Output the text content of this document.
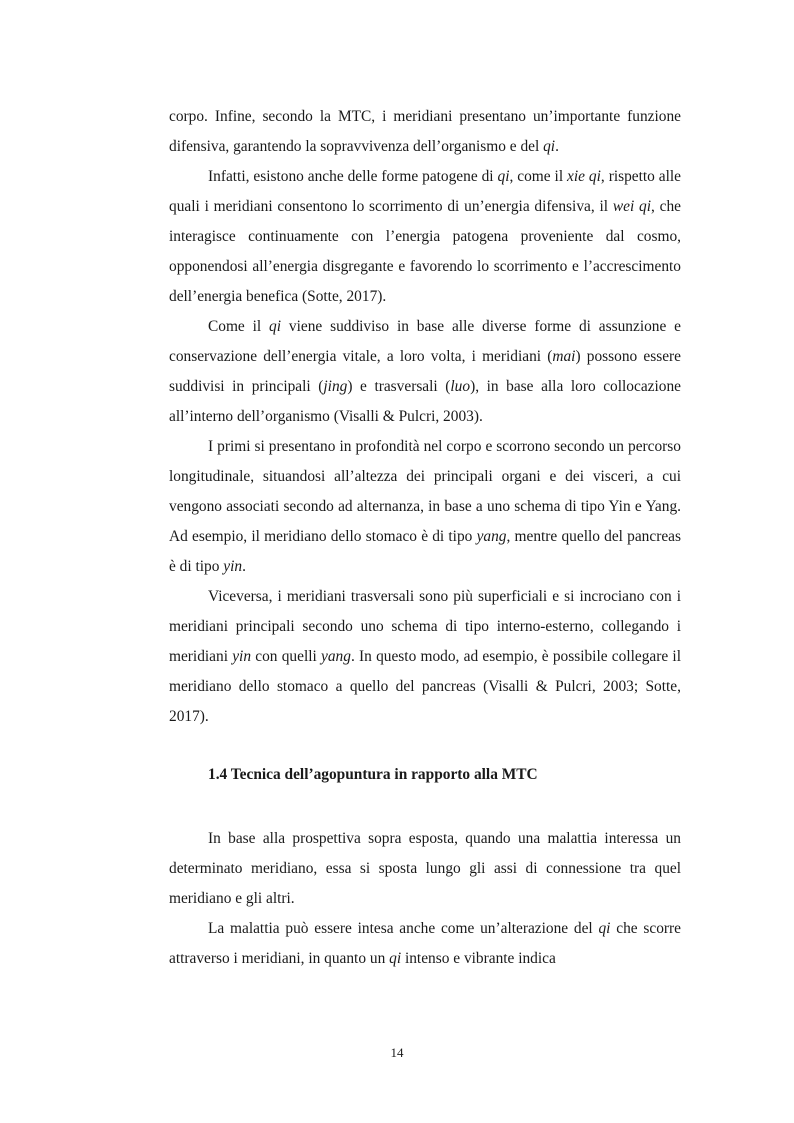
corpo. Infine, secondo la MTC, i meridiani presentano un’importante funzione difensiva, garantendo la sopravvivenza dell’organismo e del qi.

Infatti, esistono anche delle forme patogene di qi, come il xie qi, rispetto alle quali i meridiani consentono lo scorrimento di un’energia difensiva, il wei qi, che interagisce continuamente con l’energia patogena proveniente dal cosmo, opponendosi all’energia disgregante e favorendo lo scorrimento e l’accrescimento dell’energia benefica (Sotte, 2017).

Come il qi viene suddiviso in base alle diverse forme di assunzione e conservazione dell’energia vitale, a loro volta, i meridiani (mai) possono essere suddivisi in principali (jing) e trasversali (luo), in base alla loro collocazione all’interno dell’organismo (Visalli & Pulcri, 2003).

I primi si presentano in profondità nel corpo e scorrono secondo un percorso longitudinale, situandosi all’altezza dei principali organi e dei visceri, a cui vengono associati secondo ad alternanza, in base a uno schema di tipo Yin e Yang. Ad esempio, il meridiano dello stomaco è di tipo yang, mentre quello del pancreas è di tipo yin.

Viceversa, i meridiani trasversali sono più superficiali e si incrociano con i meridiani principali secondo uno schema di tipo interno-esterno, collegando i meridiani yin con quelli yang. In questo modo, ad esempio, è possibile collegare il meridiano dello stomaco a quello del pancreas (Visalli & Pulcri, 2003; Sotte, 2017).

1.4 Tecnica dell’agopuntura in rapporto alla MTC

In base alla prospettiva sopra esposta, quando una malattia interessa un determinato meridiano, essa si sposta lungo gli assi di connessione tra quel meridiano e gli altri.

La malattia può essere intesa anche come un’alterazione del qi che scorre attraverso i meridiani, in quanto un qi intenso e vibrante indica

14
